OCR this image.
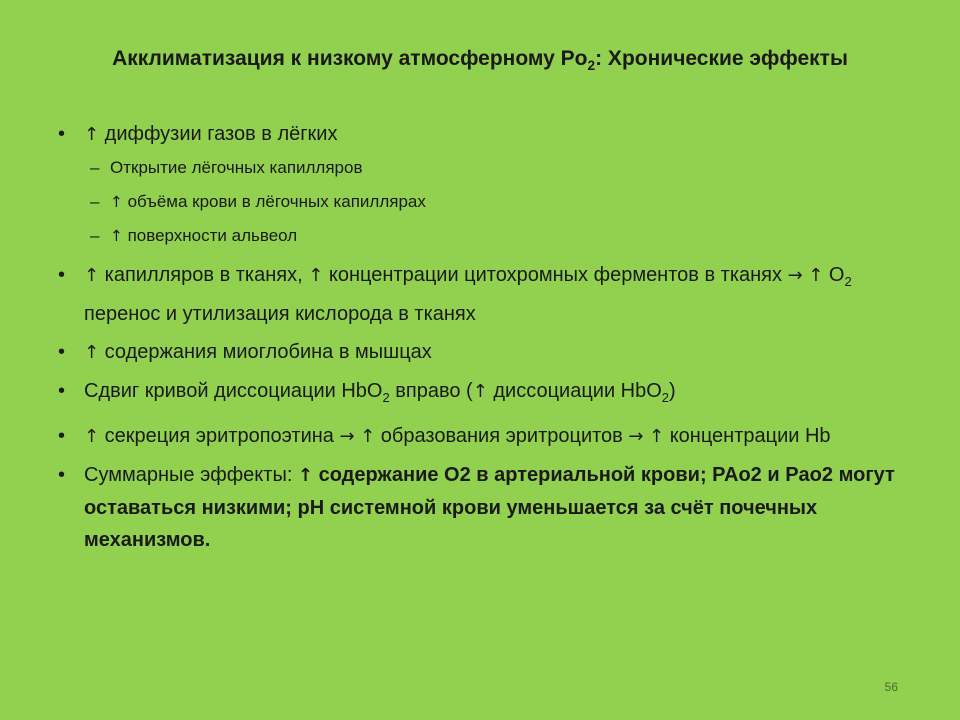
Акклиматизация к низкому атмосферному $Po_2$: Хронические эффекты
• ↑ диффузии газов в лёгких
– Открытие лёгочных капилляров
– ↑ объёма крови в лёгочных капиллярах
– ↑ поверхности альвеол
• ↑ капилляров в тканях, ↑ концентрации цитохромных ферментов в тканях → ↑ $O_2$ перенос и утилизация кислорода в тканях
• ↑ содержания миоглобина в мышцах
• Сдвиг кривой диссоциации HbO$_2$ вправо (↑ диссоциации HbO$_2$)
• ↑ секреция эритропоэтина → ↑ образования эритроцитов → ↑ концентрации Hb
• Суммарные эффекты: ↑ содержание O2 в артериальной крови; PAo2 и Pao2 могут оставаться низкими; pH системной крови уменьшается за счёт почечных механизмов.
56
